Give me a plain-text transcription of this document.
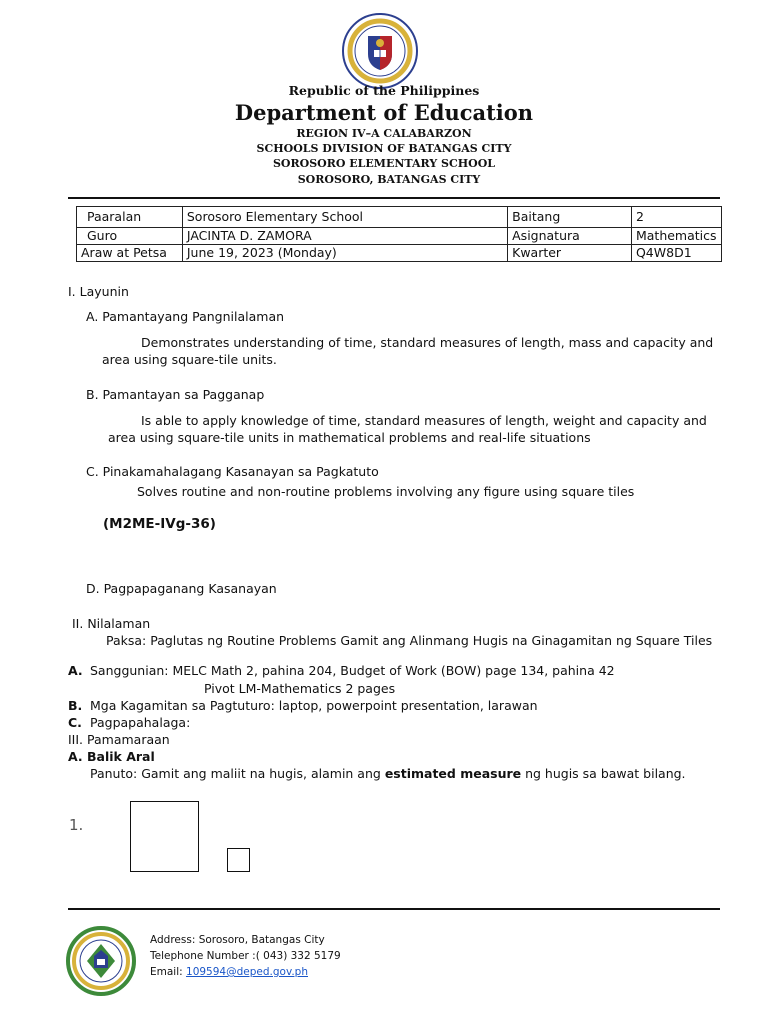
Republic of the Philippines
Department of Education
REGION IV–A CALABARZON
SCHOOLS DIVISION OF BATANGAS CITY
SOROSORO ELEMENTARY SCHOOL
SOROSORO, BATANGAS CITY
Paaralan	Sorosoro Elementary School	Baitang	2
Guro	JACINTA D. ZAMORA	Asignatura	Mathematics
Araw at Petsa	June 19, 2023 (Monday)	Kwarter	Q4W8D1
I. Layunin
A. Pamantayang Pangnilalaman
Demonstrates understanding of time, standard measures of length, mass and capacity and
area using square-tile units.
B. Pamantayan sa Pagganap
Is able to apply knowledge of time, standard measures of length, weight and capacity and
area using square-tile units in mathematical problems and real-life situations
C. Pinakamahalagang Kasanayan sa Pagkatuto
Solves routine and non-routine problems involving any figure using square tiles
(M2ME-IVg-36)
D. Pagpapaganang Kasanayan
II. Nilalaman
Paksa: Paglutas ng Routine Problems Gamit ang Alinmang Hugis na Ginagamitan ng Square Tiles
A. Sanggunian: MELC Math 2, pahina 204, Budget of Work (BOW) page 134, pahina 42
Pivot LM-Mathematics 2 pages
B. Mga Kagamitan sa Pagtuturo: laptop, powerpoint presentation, larawan
C. Pagpapahalaga:
III. Pamamaraan
A. Balik Aral
Panuto: Gamit ang maliit na hugis, alamin ang estimated measure ng hugis sa bawat bilang.
1.
Address: Sorosoro, Batangas City
Telephone Number :( 043) 332 5179
Email: 109594@deped.gov.ph
